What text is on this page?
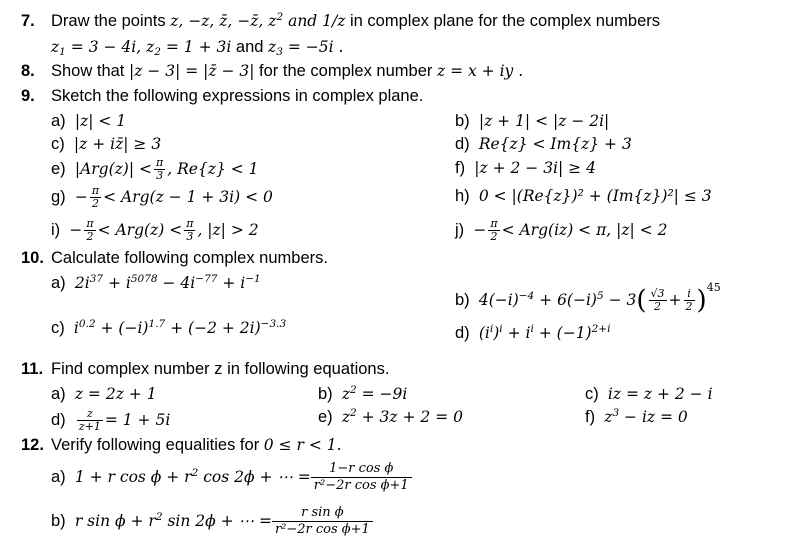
7. Draw the points z, −z, z̄, −z̄, $z^2$ and 1/z in complex plane for the complex numbers
$z_1 = 3 - 4i$, $z_2 = 1 + 3i$ and $z_3 = -5i$ .
8. Show that |z − 3| = |z̄ − 3| for the complex number z = x + iy .
9. Sketch the following expressions in complex plane.
a) |z| < 1	b) |z + 1| < |z − 2i|
c) |z + iz̄| ≥ 3	d) Re{z} < Im{z} + 3
e) $|Arg(z)| < \frac{\pi}{3}$ , Re{z} < 1	f) |z + 2 − 3i| ≥ 4
$g) - \frac{\pi}{2} < Arg(z - 1 + 3i) < 0$	h) 0 < |(Re{z})² + (Im{z})²| ≤ 3
$i) - \frac{\pi}{2} < Arg(z) < \frac{\pi}{3}$ , |z| > 2	$j) - \frac{\pi}{2} < Arg(iz) < \pi$, |z| < 2
10. Calculate following complex numbers.
a) $2i^{37} + i^{5078} - 4i^{-77} + i^{-1}$
b) $4(-i)^{-4} + 6(-i)^5 - 3( \frac{√3}{2} + \frac{i}{2} )^{45}$
c) $i^{0.2} + (-i)^{1.7} + (-2 + 2i)^{-3.3}$	d) $(i^i)^i + i^i + (-1)^{2+i}$
11. Find complex number z in following equations.
a) z = 2z + 1	b) $z^2 = -9i$	c) iz = z + 2 − i
$d) \frac{z}{z+1} = 1 + 5i$	e) $z^2 + 3z + 2 = 0$	f) $z^3$ − iz = 0
12. Verify following equalities for 0 ≤ r < 1.
a) 1 + r $\cos \phi + r^2$ cos 2ϕ + ⋯ = $\frac{\text{1−r cos ϕ}}{\text{r²−2r cos ϕ+1}}$
b) r $\sin \phi + r^2$ sin 2ϕ + ⋯ = $\frac{\text{r sin ϕ}}{\text{r²−2r cos ϕ+1}}$
